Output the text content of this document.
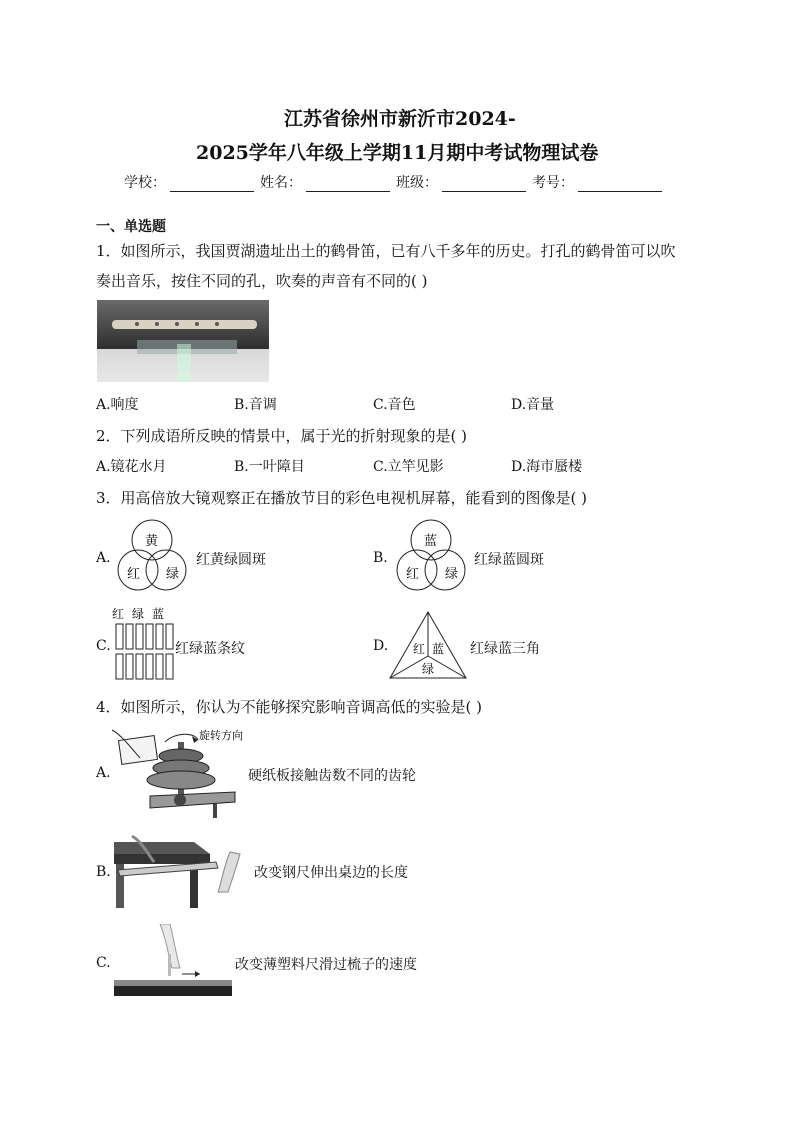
江苏省徐州市新沂市2024-
2025学年八年级上学期11月期中考试物理试卷
学校：	姓名：	班级：	考号：
一、单选题
1．如图所示，我国贾湖遗址出土的鹤骨笛，已有八千多年的历史。打孔的鹤骨笛可以吹
奏出音乐，按住不同的孔，吹奏的声音有不同的( )
A.响度	B.音调	C.音色	D.音量
2．下列成语所反映的情景中，属于光的折射现象的是( )
A.镜花水月	B.一叶障目	C.立竿见影	D.海市蜃楼
3．用高倍放大镜观察正在播放节目的彩色电视机屏幕，能看到的图像是( )
A.
黄
红 绿
红黄绿圆斑	B.
蓝
红 绿
红绿蓝圆斑
C.
红 绿 蓝
红绿蓝条纹	D. 红 蓝
绿
红绿蓝三角
4．如图所示，你认为不能够探究影响音调高低的实验是( )
A.
旋转方向
硬纸板接触齿数不同的齿轮
B.	改变钢尺伸出桌边的长度
C.	改变薄塑料尺滑过梳子的速度
